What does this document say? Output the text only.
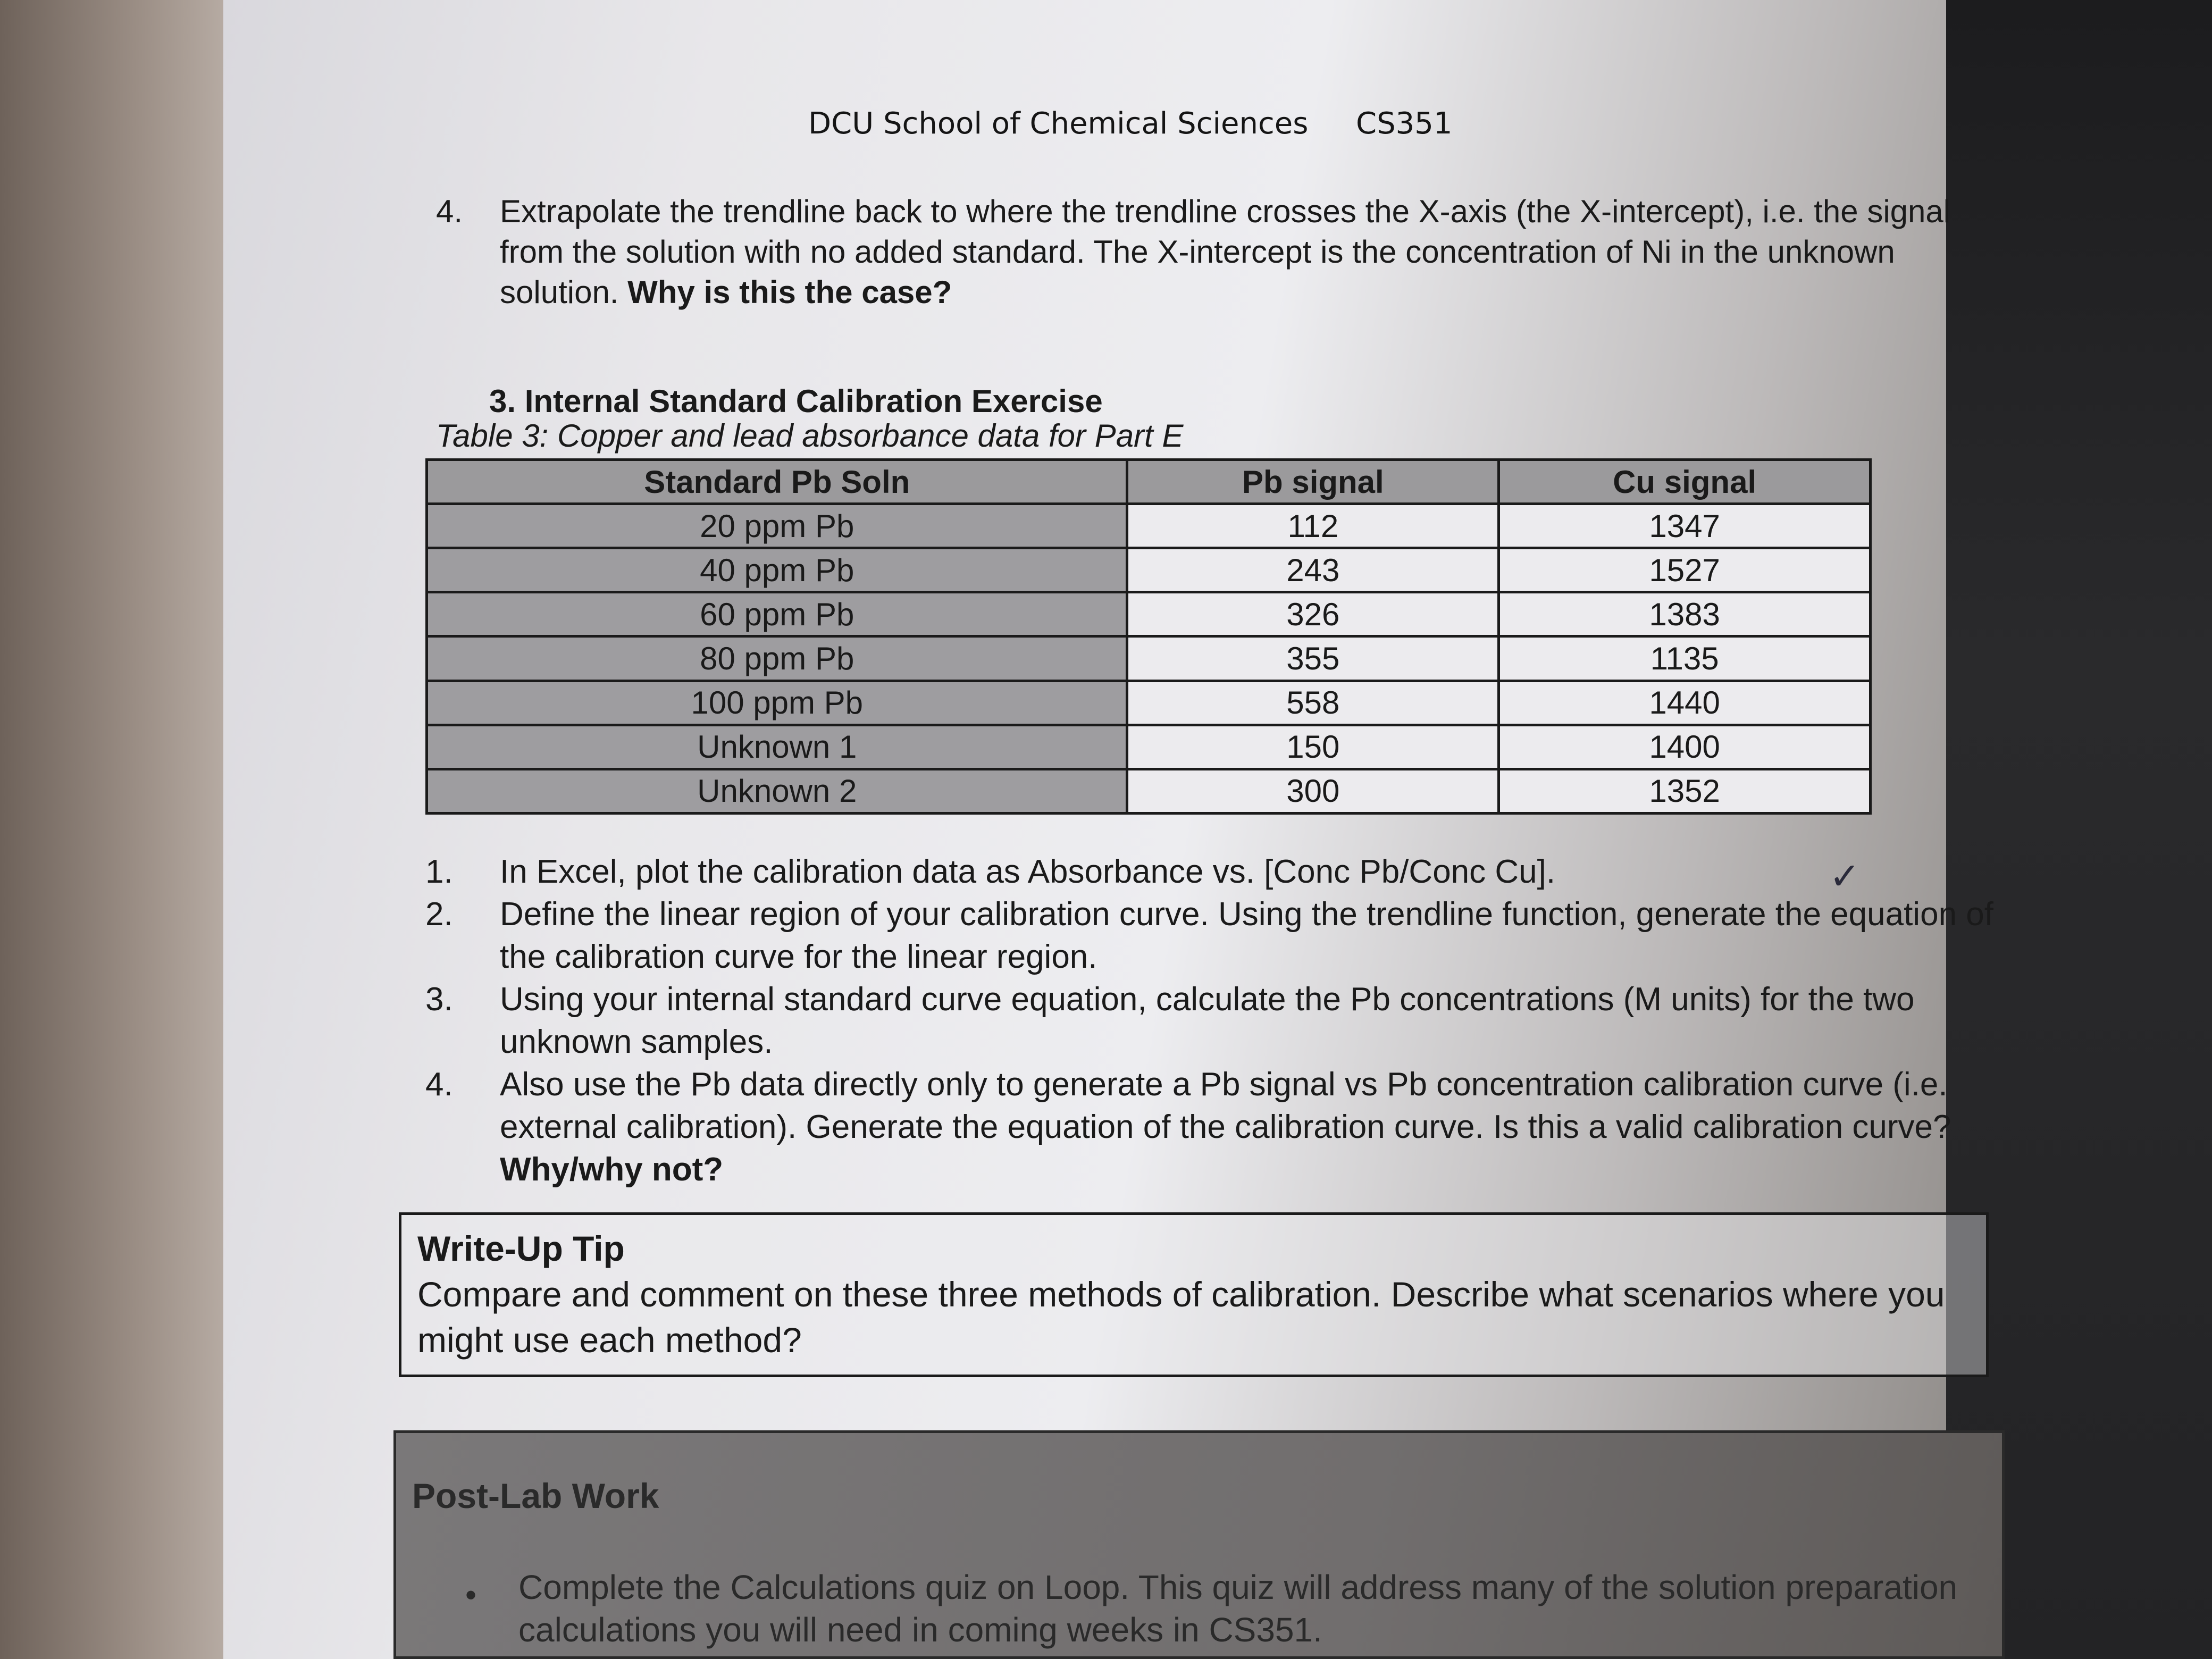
DCU School of Chemical Sciences CS351
4. Extrapolate the trendline back to where the trendline crosses the X-axis (the X-intercept), i.e. the signal from the solution with no added standard. The X-intercept is the concentration of Ni in the unknown solution. Why is this the case?
3. Internal Standard Calibration Exercise
Table 3: Copper and lead absorbance data for Part E
Standard Pb Soln	Pb signal	Cu signal
20 ppm Pb	112	1347
40 ppm Pb	243	1527
60 ppm Pb	326	1383
80 ppm Pb	355	1135
100 ppm Pb	558	1440
Unknown 1	150	1400
Unknown 2	300	1352
1.	In Excel, plot the calibration data as Absorbance vs. [Conc Pb/Conc Cu].	✓
2.	Define the linear region of your calibration curve. Using the trendline function, generate the equation of the calibration curve for the linear region.
3.	Using your internal standard curve equation, calculate the Pb concentrations (M units) for the two unknown samples.
4.	Also use the Pb data directly only to generate a Pb signal vs Pb concentration calibration curve (i.e. external calibration). Generate the equation of the calibration curve. Is this a valid calibration curve? Why/why not?
Write-Up Tip
Compare and comment on these three methods of calibration. Describe what scenarios where you might use each method?
Post-Lab Work
• Complete the Calculations quiz on Loop. This quiz will address many of the solution preparation calculations you will need in coming weeks in CS351.
